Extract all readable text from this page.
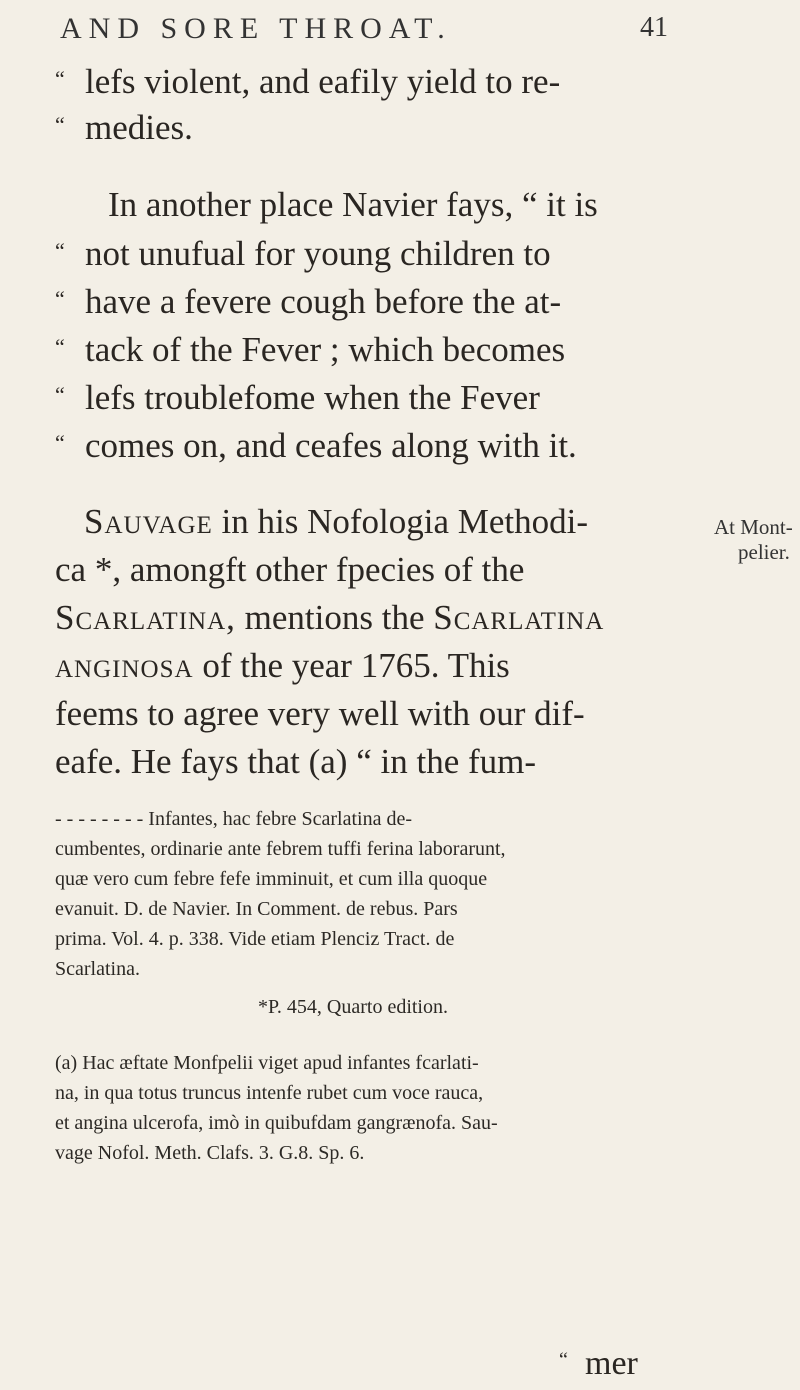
AND SORE THROAT.	41
“ lefs violent, and eafily yield to re-
“ medies.
In another place Navier fays, “ it is
“ not unufual for young children to
“ have a fevere cough before the at-
“ tack of the Fever ; which becomes
“ lefs troublefome when the Fever
“ comes on, and ceafes along with it.
Sauvage in his Nofologia Methodi-
ca *, amongft other fpecies of the
Scarlatina, mentions the Scarlatina
anginosa of the year 1765. This
feems to agree very well with our dif-
eafe. He fays that (a) “ in the fum-
At Mont-
pelier.
- - - - - - - - Infantes, hac febre Scarlatina de-
cumbentes, ordinarie ante febrem tuffi ferina laborarunt,
quæ vero cum febre fefe imminuit, et cum illa quoque
evanuit. D. de Navier. In Comment. de rebus. Pars
prima. Vol. 4. p. 338. Vide etiam Plenciz Tract. de
Scarlatina.
*P. 454, Quarto edition.
(a) Hac æftate Monfpelii viget apud infantes fcarlati-
na, in qua totus truncus intenfe rubet cum voce rauca,
et angina ulcerofa, imò in quibufdam gangrænofa. Sau-
vage Nofol. Meth. Clafs. 3. G.8. Sp. 6.
“ mer
